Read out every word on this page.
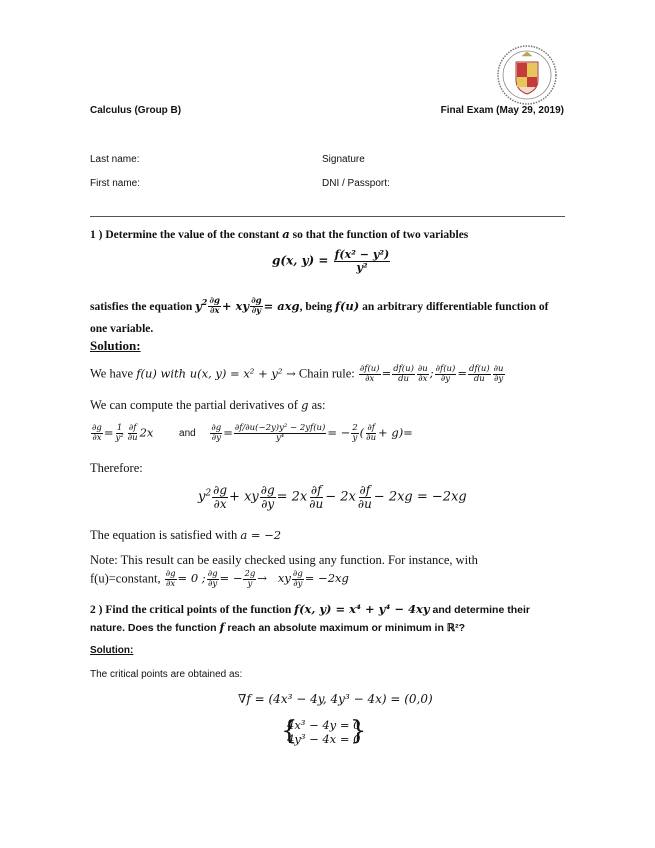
Calculus (Group B)	Final Exam (May 29, 2019)
Last name:	Signature
First name:	DNI / Passport:
1 ) Determine the value of the constant a so that the function of two variables
g(x, $y) = \frac{\text{f(x² − y²)}}{\text{y²}}$
satisfies the equation $y^2 \frac{\partial g}{\partial x}$ + xy $\frac{\partial g}{\partial y}$ = axg, being f(u) an arbitrary differentiable function of
one variable.
Solution:
We have f(u) with u(x, y) = x² + y² → Chain rule: $\frac{\partial f(u)}{\partial x} = \frac{df(u)}{du} \frac{\partial u}{\partial x}$ ; $\frac{\partial f(u)}{\partial y} = \frac{df(u)}{du} \frac{\partial u}{\partial y}$
We can compute the partial derivatives of g as:
$\frac{\partial g}{\partial x} = \frac{1}{\text{y²}} \frac{\partial f}{\partial u} 2x$ and $\frac{\partial g}{\partial y} = \frac{\text{∂f/∂u(−2y)y² − 2yf(u)}}{\text{y⁴}}$ = − $\frac{2}{y}$ ( $\frac{\partial f}{\partial u} + g)=$
Therefore:
$y^2 \frac{\partial g}{\partial x}$ + xy $\frac{\partial g}{\partial y} = 2x \frac{\partial f}{\partial u} - 2x \frac{\partial f}{\partial u} - 2xg = -2xg$
The equation is satisfied with a = −2
Note: This result can be easily checked using any function. For instance, with
f(u)=constant, $\frac{\partial g}{\partial x} = 0$ ; $\frac{\partial g}{\partial y}$ = − $\frac{2g}{y}$ →   xy $\frac{\partial g}{\partial y} = -2xg$
2 ) Find the critical points of the function f(x, y) = x⁴ + y⁴ − 4xy and determine their
nature. Does the function f reach an absolute maximum or minimum in ℝ²?
Solution:
The critical points are obtained as:
∇f = (4x³ − 4y, 4y³ − 4x) = (0,0)
{
4x³ − 4y = 0
4y³ − 4x = 0
}
